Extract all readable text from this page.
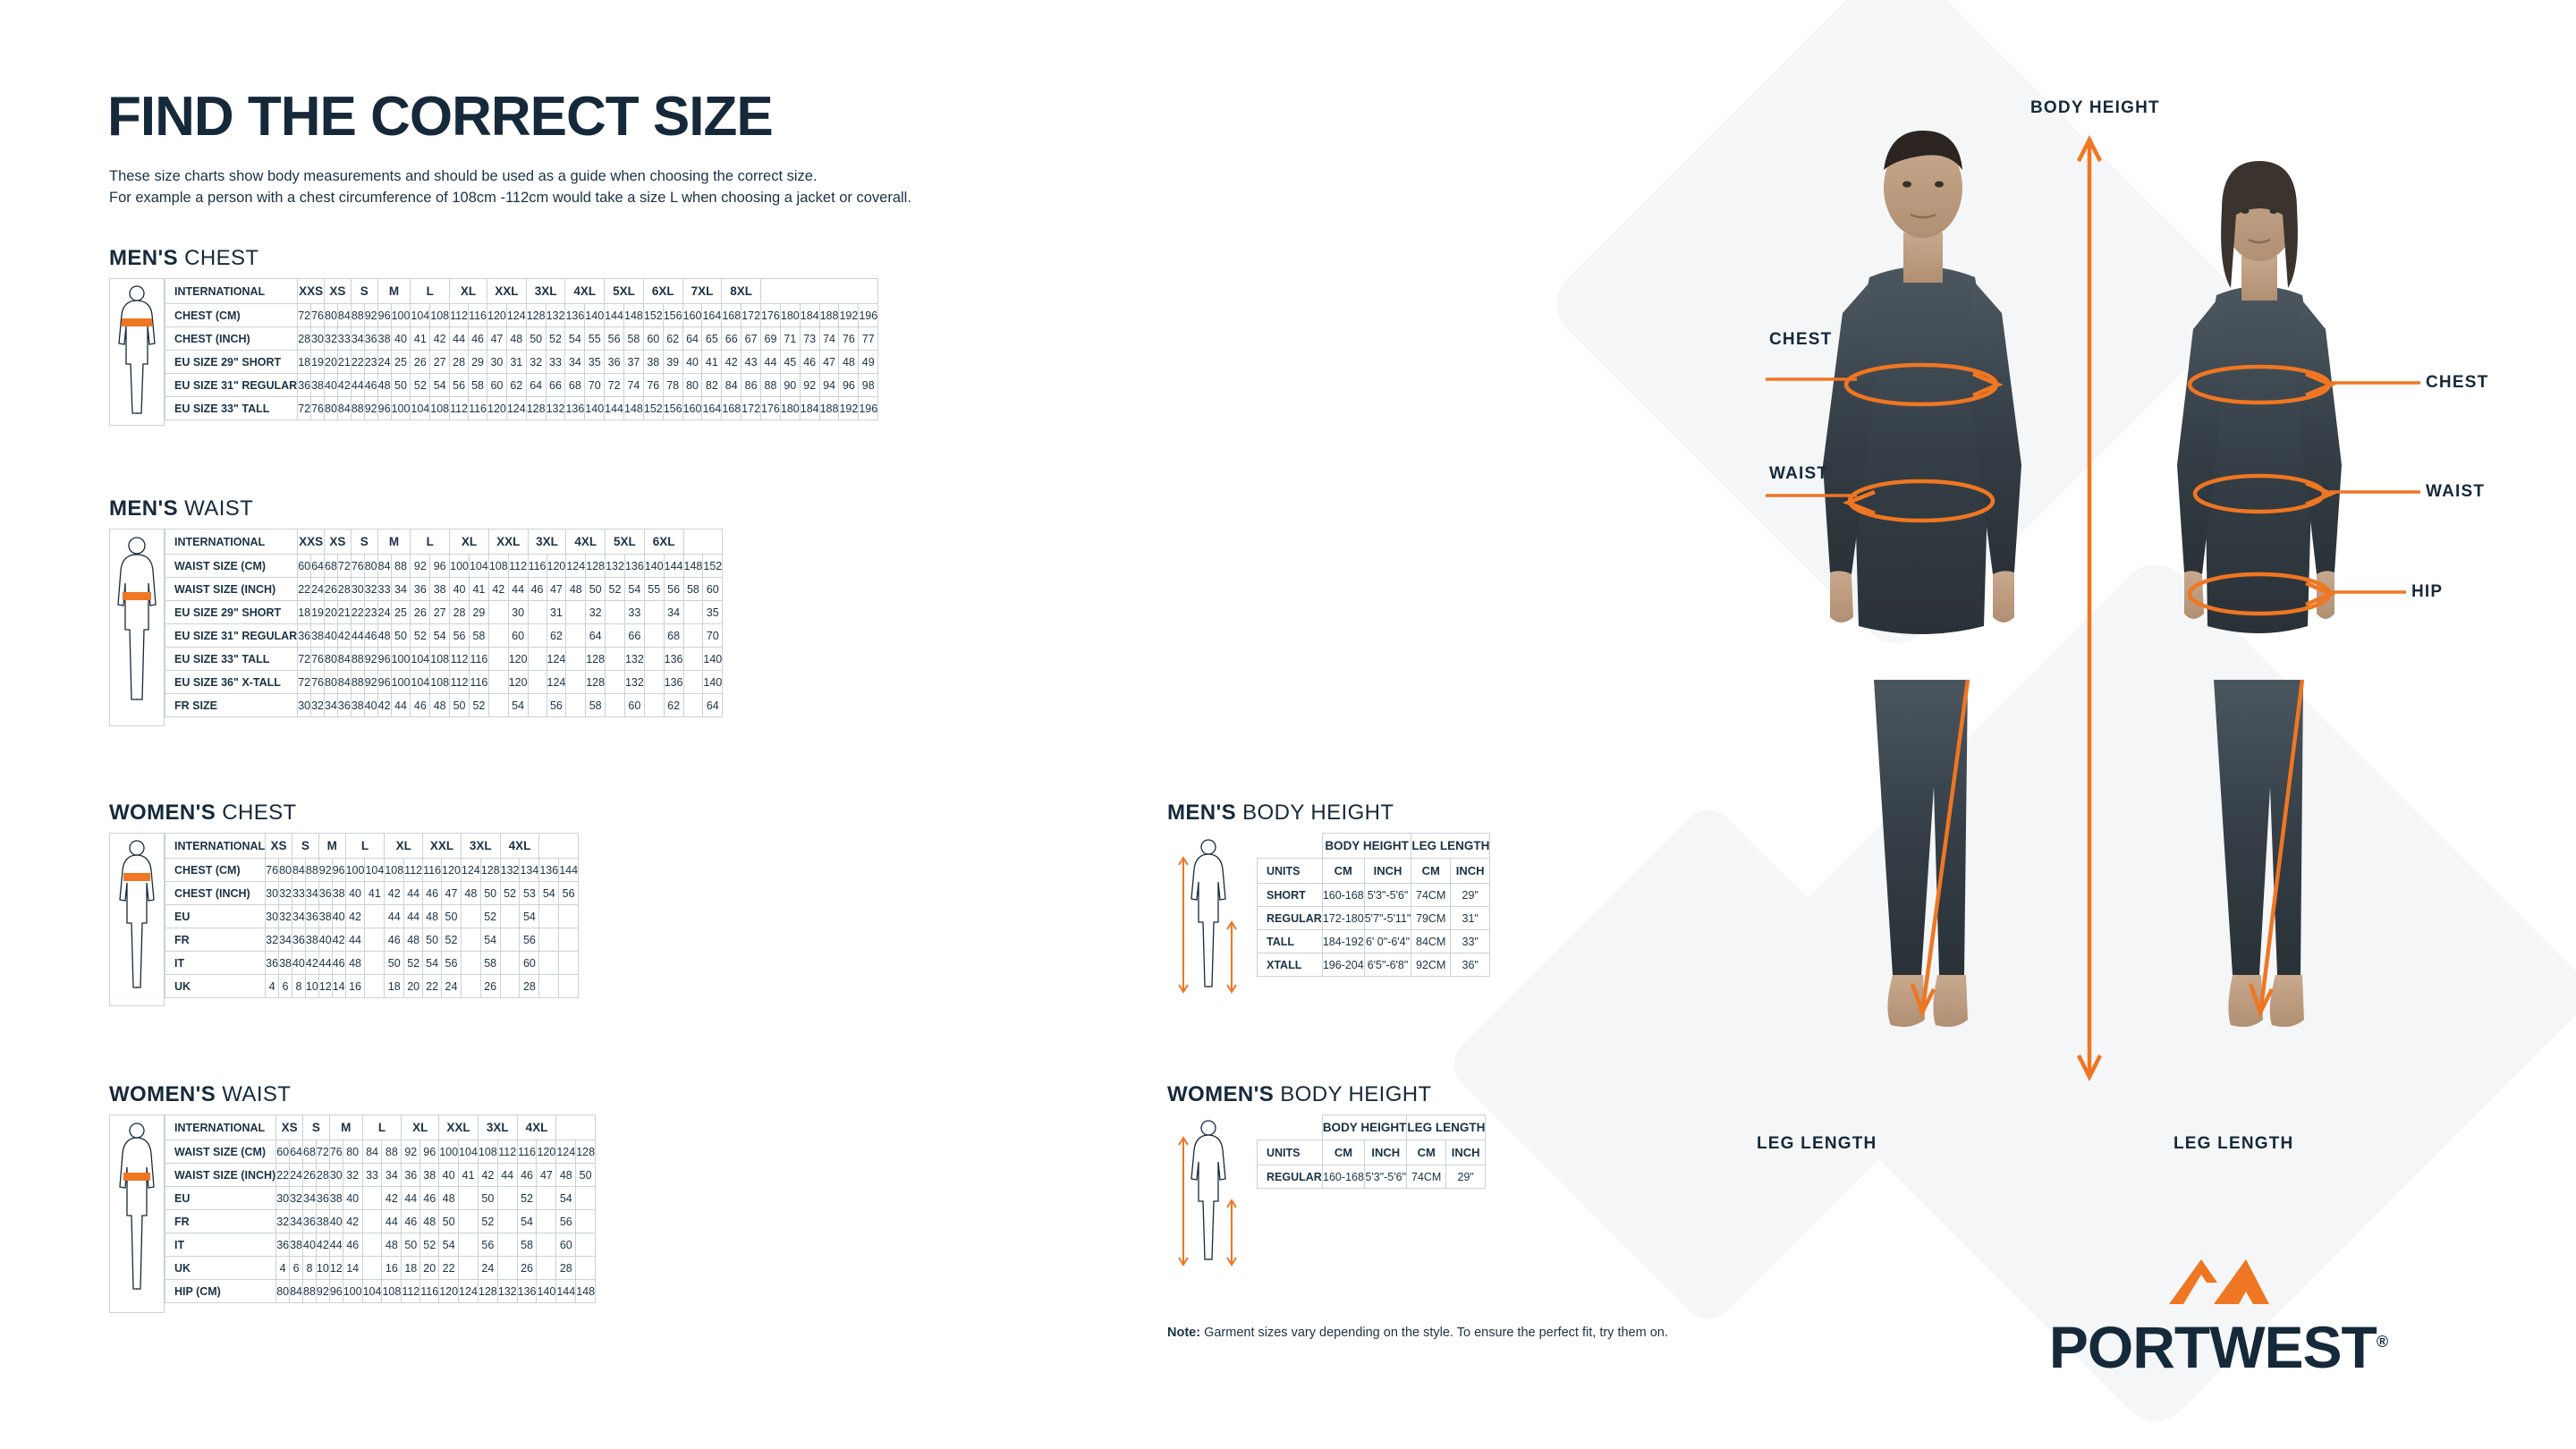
FIND THE CORRECT SIZE
These size charts show body measurements and should be used as a guide when choosing the correct size.
For example a person with a chest circumference of 108cm -112cm would take a size L when choosing a jacket or coverall.
MEN'S CHEST
INTERNATIONAL	XXS		XS		S		M		L		XL		XXL		3XL		4XL		5XL		6XL		7XL		8XL							
CHEST (CM)	72	76	80	84	88	92	96	100	104	108	112	116	120	124	128	132	136	140	144	148	152	156	160	164	168	172	176	180	184	188	192	196
CHEST (INCH)	28	30	32	33	34	36	38	40	41	42	44	46	47	48	50	52	54	55	56	58	60	62	64	65	66	67	69	71	73	74	76	77
EU SIZE 29" SHORT	18	19	20	21	22	23	24	25	26	27	28	29	30	31	32	33	34	35	36	37	38	39	40	41	42	43	44	45	46	47	48	49
EU SIZE 31" REGULAR	36	38	40	42	44	46	48	50	52	54	56	58	60	62	64	66	68	70	72	74	76	78	80	82	84	86	88	90	92	94	96	98
EU SIZE 33" TALL	72	76	80	84	88	92	96	100	104	108	112	116	120	124	128	132	136	140	144	148	152	156	160	164	168	172	176	180	184	188	192	196
MEN'S WAIST
INTERNATIONAL	XXS		XS		S		M		L		XL		XXL		3XL		4XL		5XL		6XL			
WAIST SIZE (CM)	60	64	68	72	76	80	84	88	92	96	100	104	108	112	116	120	124	128	132	136	140	144	148	152
WAIST SIZE (INCH)	22	24	26	28	30	32	33	34	36	38	40	41	42	44	46	47	48	50	52	54	55	56	58	60
EU SIZE 29" SHORT	18	19	20	21	22	23	24	25	26	27	28	29		30		31		32		33		34		35
EU SIZE 31" REGULAR	36	38	40	42	44	46	48	50	52	54	56	58		60		62		64		66		68		70
EU SIZE 33" TALL	72	76	80	84	88	92	96	100	104	108	112	116		120		124		128		132		136		140
EU SIZE 36" X-TALL	72	76	80	84	88	92	96	100	104	108	112	116		120		124		128		132		136		140
FR SIZE	30	32	34	36	38	40	42	44	46	48	50	52		54		56		58		60		62		64
WOMEN'S CHEST
INTERNATIONAL	XS		S		M		L		XL		XXL		3XL		4XL			
CHEST (CM)	76	80	84	88	92	96	100	104	108	112	116	120	124	128	132	134	136	144
CHEST (INCH)	30	32	33	34	36	38	40	41	42	44	46	47	48	50	52	53	54	56
EU	30	32	34	36	38	40	42		44	44	48	50		52		54		
FR	32	34	36	38	40	42	44		46	48	50	52		54		56		
IT	36	38	40	42	44	46	48		50	52	54	56		58		60		
UK	4	6	8	10	12	14	16		18	20	22	24		26		28		
WOMEN'S WAIST
INTERNATIONAL	XS		S		M		L		XL		XXL		3XL		4XL			
WAIST SIZE (CM)	60	64	68	72	76	80	84	88	92	96	100	104	108	112	116	120	124	128
WAIST SIZE (INCH)	22	24	26	28	30	32	33	34	36	38	40	41	42	44	46	47	48	50
EU	30	32	34	36	38	40		42	44	46	48		50		52		54	
FR	32	34	36	38	40	42		44	46	48	50		52		54		56	
IT	36	38	40	42	44	46		48	50	52	54		56		58		60	
UK	4	6	8	10	12	14		16	18	20	22		24		26		28	
HIP (CM)	80	84	88	92	96	100	104	108	112	116	120	124	128	132	136	140	144	148
MEN'S BODY HEIGHT
	BODY HEIGHT		LEG LENGTH	
UNITS	CM	INCH	CM	INCH
SHORT	160-168	5'3"-5'6"	74CM	29"
REGULAR	172-180	5'7"-5'11"	79CM	31"
TALL	184-192	6' 0"-6'4"	84CM	33"
XTALL	196-204	6'5"-6'8"	92CM	36"
WOMEN'S BODY HEIGHT
	BODY HEIGHT		LEG LENGTH	
UNITS	CM	INCH	CM	INCH
REGULAR	160-168	5'3"-5'6"	74CM	29"
Note: Garment sizes vary depending on the style. To ensure the perfect fit, try them on.
BODY HEIGHT
CHEST
WAIST
CHEST
WAIST
HIP
LEG LENGTH	LEG LENGTH
PORTWEST®
